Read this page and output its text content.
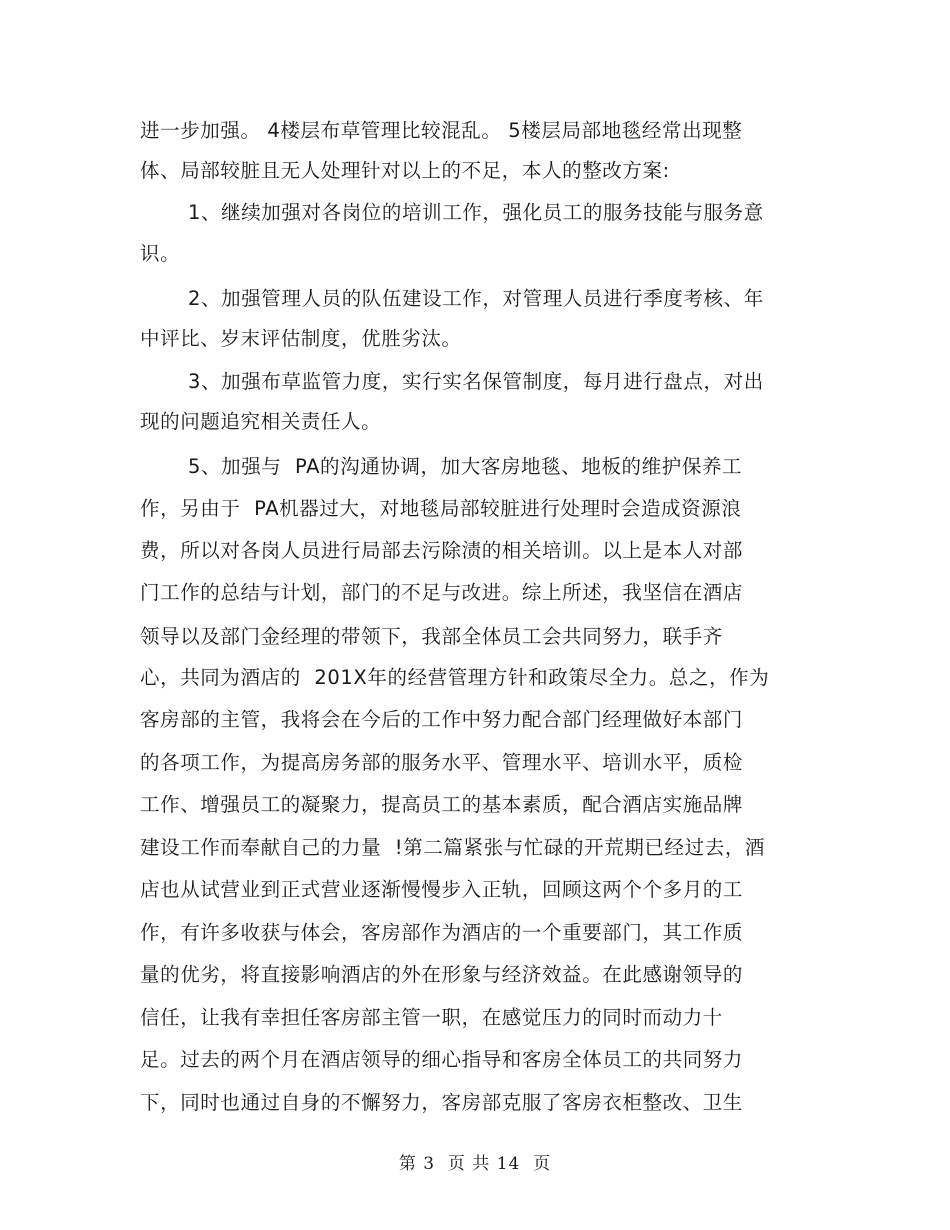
进一步加强。 4楼层布草管理比较混乱。 5楼层局部地毯经常出现整
体、局部较脏且无人处理针对以上的不足，本人的整改方案:
1、继续加强对各岗位的培训工作，强化员工的服务技能与服务意
识。
2、加强管理人员的队伍建设工作，对管理人员进行季度考核、年
中评比、岁末评估制度，优胜劣汰。
3、加强布草监管力度，实行实名保管制度，每月进行盘点，对出
现的问题追究相关责任人。
5、加强与  PA的沟通协调，加大客房地毯、地板的维护保养工
作，另由于  PA机器过大，对地毯局部较脏进行处理时会造成资源浪
费，所以对各岗人员进行局部去污除渍的相关培训。以上是本人对部
门工作的总结与计划，部门的不足与改进。综上所述，我坚信在酒店
领导以及部门金经理的带领下，我部全体员工会共同努力，联手齐
心，共同为酒店的  201X年的经营管理方针和政策尽全力。总之，作为
客房部的主管，我将会在今后的工作中努力配合部门经理做好本部门
的各项工作，为提高房务部的服务水平、管理水平、培训水平，质检
工作、增强员工的凝聚力，提高员工的基本素质，配合酒店实施品牌
建设工作而奉献自己的力量  !第二篇紧张与忙碌的开荒期已经过去，酒
店也从试营业到正式营业逐渐慢慢步入正轨，回顾这两个个多月的工
作，有许多收获与体会，客房部作为酒店的一个重要部门，其工作质
量的优劣，将直接影响酒店的外在形象与经济效益。在此感谢领导的
信任，让我有幸担任客房部主管一职，在感觉压力的同时而动力十
足。过去的两个月在酒店领导的细心指导和客房全体员工的共同努力
下，同时也通过自身的不懈努力，客房部克服了客房衣柜整改、卫生
第 3  页 共 14  页
